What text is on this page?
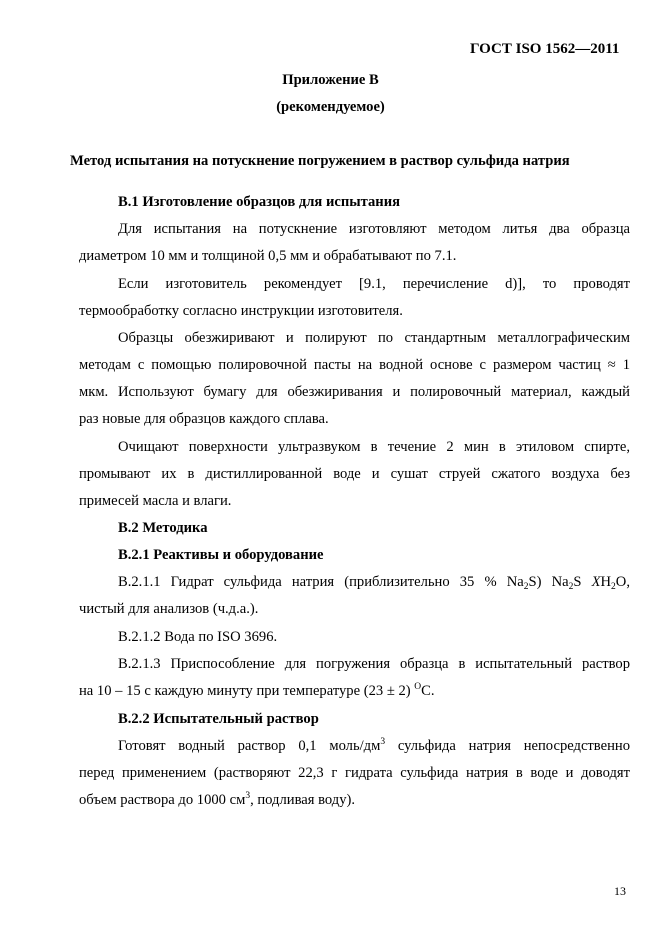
ГОСТ ISO 1562—2011
Приложение В
(рекомендуемое)
Метод испытания на потускнение погружением в раствор сульфида натрия
В.1 Изготовление образцов для испытания
Для испытания на потускнение изготовляют методом литья два образца
диаметром 10 мм и толщиной 0,5 мм и обрабатывают по 7.1.
Если изготовитель рекомендует [9.1, перечисление d)], то проводят
термообработку согласно инструкции изготовителя.
Образцы обезжиривают и полируют по стандартным металлографическим
методам с помощью полировочной пасты на водной основе с размером частиц ≈ 1
мкм. Используют бумагу для обезжиривания и полировочный материал, каждый
раз новые для образцов каждого сплава.
Очищают поверхности ультразвуком в течение 2 мин в этиловом спирте,
промывают их в дистиллированной воде и сушат струей сжатого воздуха без
примесей масла и влаги.
В.2 Методика
В.2.1 Реактивы и оборудование
В.2.1.1 Гидрат сульфида натрия (приблизительно 35 % $Na_2S$) $Na_2S$ $XH_2O$,
чистый для анализов (ч.д.а.).
В.2.1.2 Вода по ISO 3696.
В.2.1.3 Приспособление для погружения образца в испытательный раствор
на 10 – 15 с каждую минуту при температуре (23 ± 2) $^O$С.
В.2.2 Испытательный раствор
Готовят водный раствор 0,1 моль/$дм^3$ сульфида натрия непосредственно
перед применением (растворяют 22,3 г гидрата сульфида натрия в воде и доводят
объем раствора до 1000 $см^3$, подливая воду).
13
